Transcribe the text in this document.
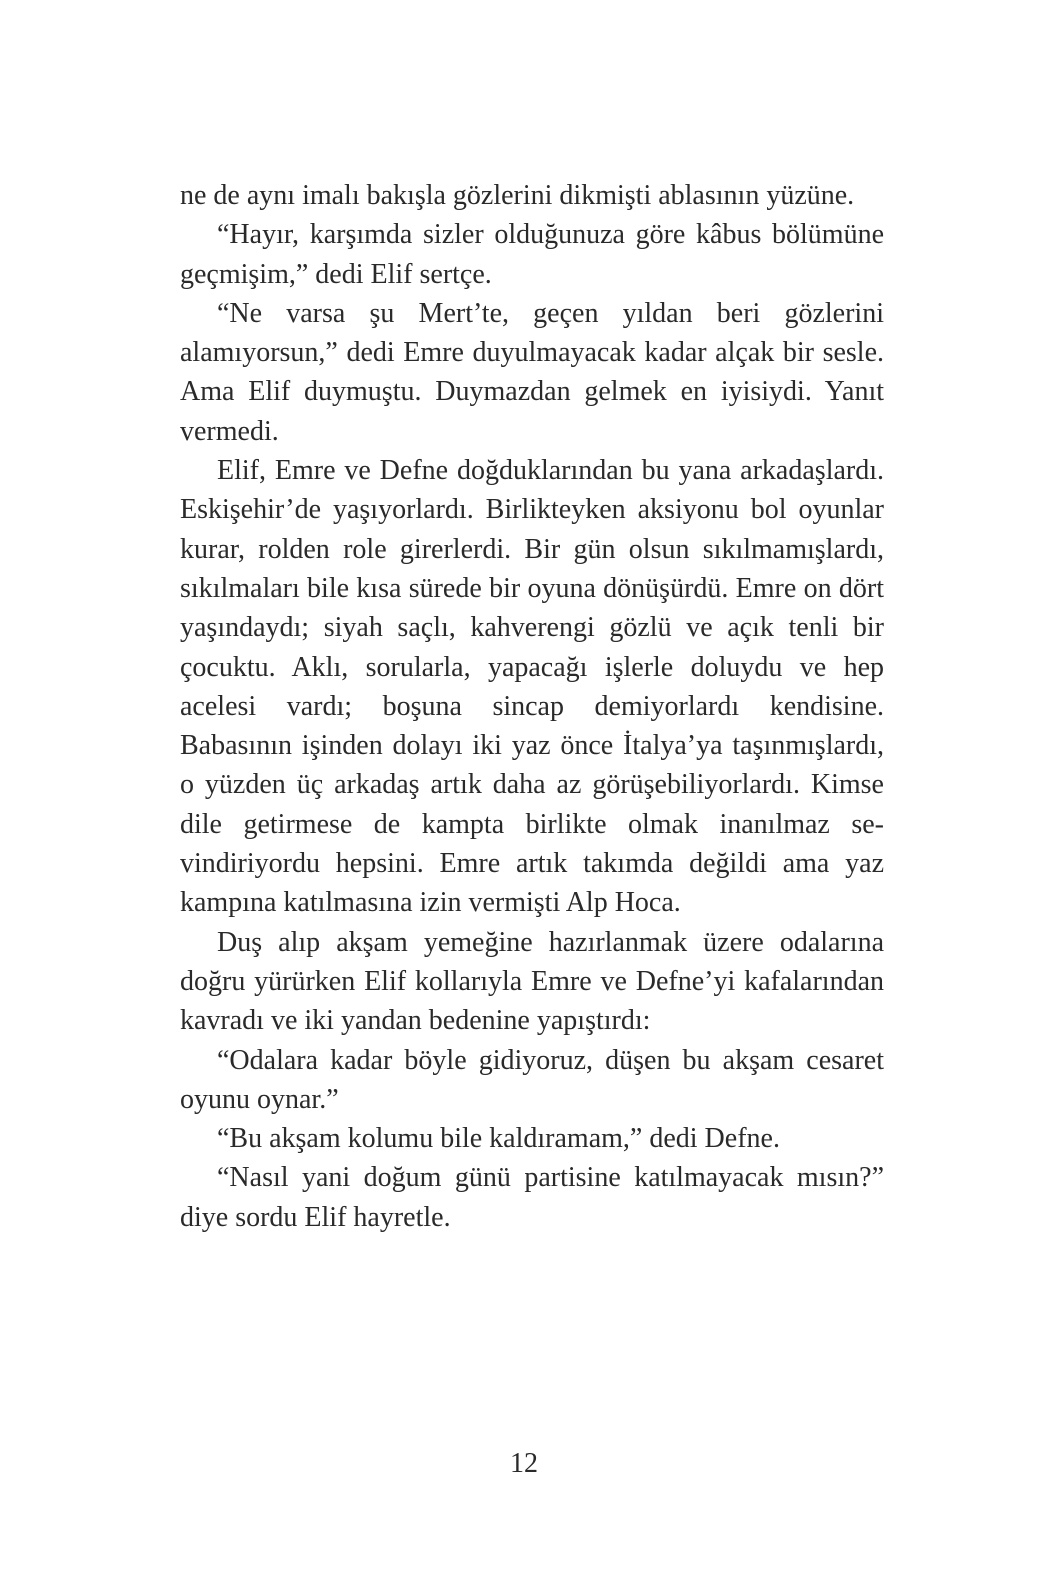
ne de aynı imalı bakışla gözlerini dikmişti ablasının yüzüne.

“Hayır, karşımda sizler olduğunuza göre kâbus bölümüne geçmişim,” dedi Elif sertçe.

“Ne varsa şu Mert’te, geçen yıldan beri gözlerini alamıyorsun,” dedi Emre duyulmayacak kadar alçak bir sesle. Ama Elif duymuştu. Duymazdan gelmek en iyisiydi. Yanıt vermedi.

Elif, Emre ve Defne doğduklarından bu yana arkadaşlardı. Eskişehir’de yaşıyorlardı. Birlikteyken aksiyonu bol oyunlar kurar, rolden role girerlerdi. Bir gün olsun sıkılmamışlardı, sıkılmaları bile kısa sürede bir oyuna dönüşürdü. Emre on dört yaşındaydı; siyah saçlı, kahverengi gözlü ve açık tenli bir çocuktu. Aklı, sorularla, yapacağı işlerle doluydu ve hep acelesi vardı; boşuna sincap demiyorlardı kendisine. Babasının işinden dolayı iki yaz önce İtalya’ya taşınmışlardı, o yüzden üç arkadaş artık daha az görüşebiliyorlardı. Kimse dile getirmese de kampta birlikte olmak inanılmaz sevindiriyordu hepsini. Emre artık takımda değildi ama yaz kampına katılmasına izin vermişti Alp Hoca.

Duş alıp akşam yemeğine hazırlanmak üzere odalarına doğru yürürken Elif kollarıyla Emre ve Defne’yi kafalarından kavradı ve iki yandan bedenine yapıştırdı:

“Odalara kadar böyle gidiyoruz, düşen bu akşam cesaret oyunu oynar.”

“Bu akşam kolumu bile kaldıramam,” dedi Defne.

“Nasıl yani doğum günü partisine katılmayacak mısın?” diye sordu Elif hayretle.

12
